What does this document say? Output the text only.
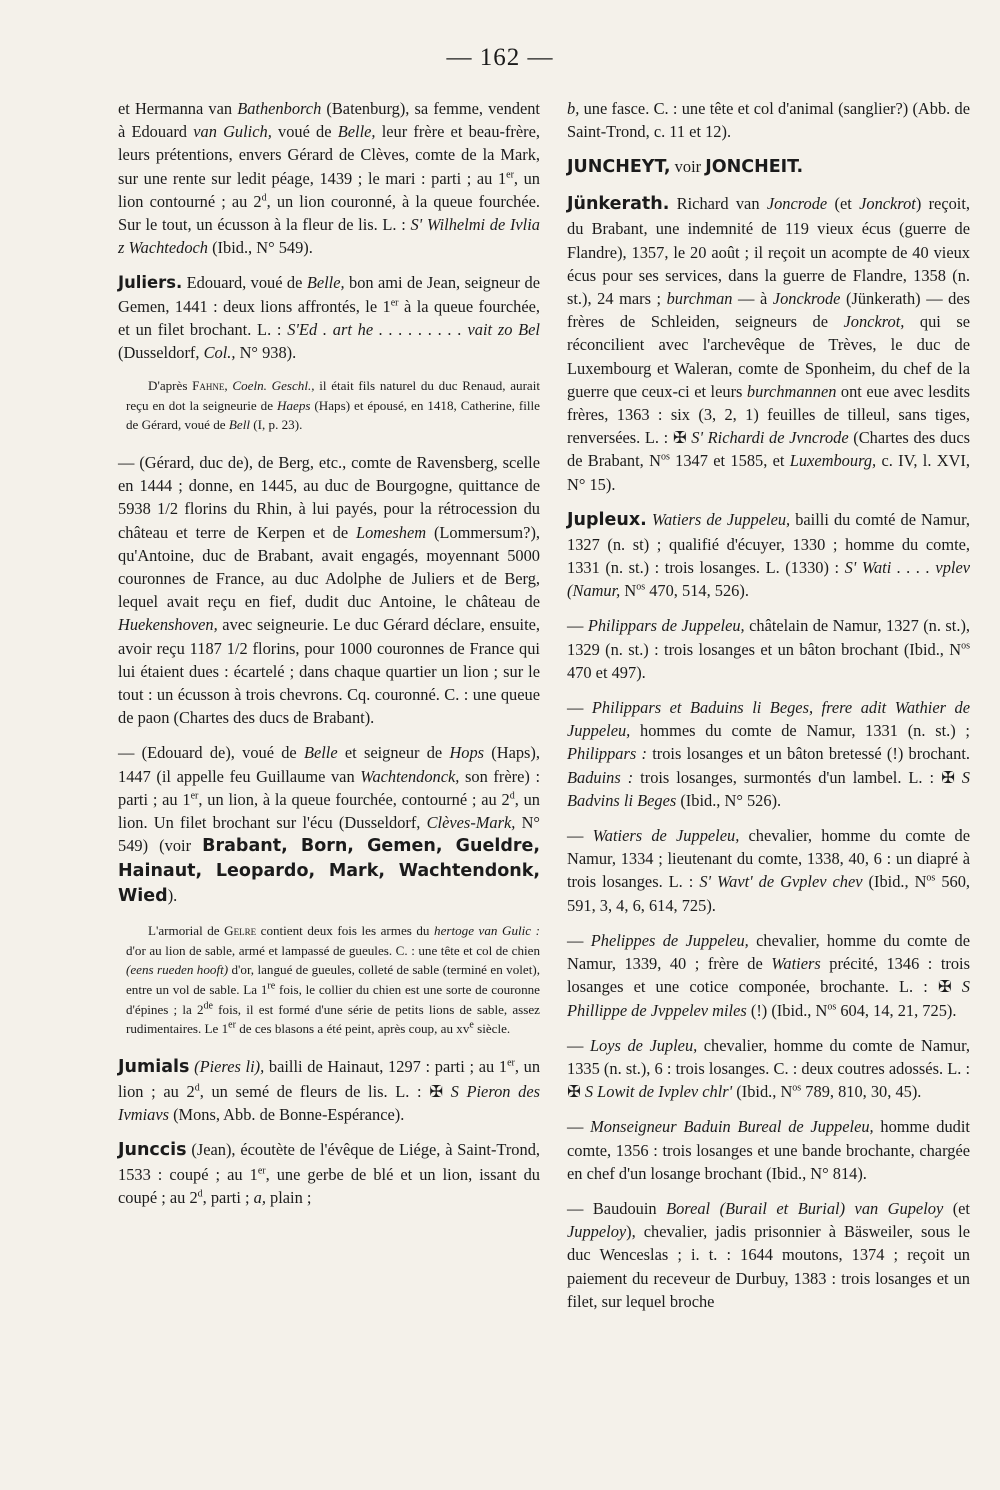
— 162 —

et Hermanna van Bathenborch (Batenburg), sa femme, vendent à Edouard van Gulich, voué de Belle, leur frère et beau-frère, leurs prétentions, envers Gérard de Clèves, comte de la Mark, sur une rente sur ledit péage, 1439 ; le mari : parti ; au 1er, un lion contourné ; au 2$^d$, un lion couronné, à la queue fourchée. Sur le tout, un écusson à la fleur de lis. L. : S' Wilhelmi de Ivlia z Wachtedoch (Ibid., N° 549).

Juliers. Edouard, voué de Belle, bon ami de Jean, seigneur de Gemen, 1441 : deux lions affrontés, le 1er à la queue fourchée, et un filet brochant. L. : S'Ed . art he . . . . . . . . . vait zo Bel (Dusseldorf, Col., N° 938).

D'après Fahne, Coeln. Geschl., il était fils naturel du duc Renaud, aurait reçu en dot la seigneurie de Haeps (Haps) et épousé, en 1418, Catherine, fille de Gérard, voué de Bell (I, p. 23).

— (Gérard, duc de), de Berg, etc., comte de Ravensberg, scelle en 1444 ; donne, en 1445, au duc de Bourgogne, quittance de 5938 1/2 florins du Rhin, à lui payés, pour la rétrocession du château et terre de Kerpen et de Lomeshem (Lommersum?), qu'Antoine, duc de Brabant, avait engagés, moyennant 5000 couronnes de France, au duc Adolphe de Juliers et de Berg, lequel avait reçu en fief, dudit duc Antoine, le château de Huekenshoven, avec seigneurie. Le duc Gérard déclare, ensuite, avoir reçu 1187 1/2 florins, pour 1000 couronnes de France qui lui étaient dues : écartelé ; dans chaque quartier un lion ; sur le tout : un écusson à trois chevrons. Cq. couronné. C. : une queue de paon (Chartes des ducs de Brabant).

— (Edouard de), voué de Belle et seigneur de Hops (Haps), 1447 (il appelle feu Guillaume van Wachtendonck, son frère) : parti ; au 1er, un lion, à la queue fourchée, contourné ; au 2$^d$, un lion. Un filet brochant sur l'écu (Dusseldorf, Clèves-Mark, N° 549) (voir Brabant, Born, Gemen, Gueldre, Hainaut, Leopardo, Mark, Wachtendonk, Wied).

L'armorial de Gelre contient deux fois les armes du hertoge van Gulic : d'or au lion de sable, armé et lampassé de gueules. C. : une tête et col de chien (eens rueden hooft) d'or, langué de gueules, colleté de sable (terminé en volet), entre un vol de sable. La 1re fois, le collier du chien est une sorte de couronne d'épines ; la 2de fois, il est formé d'une série de petits lions de sable, assez rudimentaires. Le 1er de ces blasons a été peint, après coup, au $xv^e$ siècle.

Jumials (Pieres li), bailli de Hainaut, 1297 : parti ; au 1er, un lion ; au 2$^d$, un semé de fleurs de lis. L. : ✠ S Pieron des Ivmiavs (Mons, Abb. de Bonne-Espérance).

Junccis (Jean), écoutète de l'évêque de Liége, à Saint-Trond, 1533 : coupé ; au 1er, une gerbe de blé et un lion, issant du coupé ; au 2$^d$, parti ; a, plain ;

b, une fasce. C. : une tête et col d'animal (sanglier?) (Abb. de Saint-Trond, c. 11 et 12).

JUNCHEYT, voir JONCHEIT.

Jünkerath. Richard van Joncrode (et Jonckrot) reçoit, du Brabant, une indemnité de 119 vieux écus (guerre de Flandre), 1357, le 20 août ; il reçoit un acompte de 40 vieux écus pour ses services, dans la guerre de Flandre, 1358 (n. st.), 24 mars ; burchman — à Jonckrode (Jünkerath) — des frères de Schleiden, seigneurs de Jonckrot, qui se réconcilient avec l'archevêque de Trèves, le duc de Luxembourg et Waleran, comte de Sponheim, du chef de la guerre que ceux-ci et leurs burchmannen ont eue avec lesdits frères, 1363 : six (3, 2, 1) feuilles de tilleul, sans tiges, renversées. L. : ✠ S' Richardi de Jvncrode (Chartes des ducs de Brabant, $N^{os}$ 1347 et 1585, et Luxembourg, c. IV, l. XVI, N° 15).

Jupleux. Watiers de Juppeleu, bailli du comté de Namur, 1327 (n. st) ; qualifié d'écuyer, 1330 ; homme du comte, 1331 (n. st.) : trois losanges. L. (1330) : S' Wati . . . . vplev (Namur, $N^{os}$ 470, 514, 526).

— Philippars de Juppeleu, châtelain de Namur, 1327 (n. st.), 1329 (n. st.) : trois losanges et un bâton brochant (Ibid., $N^{os}$ 470 et 497).

— Philippars et Baduins li Beges, frere adit Wathier de Juppeleu, hommes du comte de Namur, 1331 (n. st.) ; Philippars : trois losanges et un bâton bretessé (!) brochant. Baduins : trois losanges, surmontés d'un lambel. L. : ✠ S Badvins li Beges (Ibid., N° 526).

— Watiers de Juppeleu, chevalier, homme du comte de Namur, 1334 ; lieutenant du comte, 1338, 40, 6 : un diapré à trois losanges. L. : S' Wavt' de Gvplev chev (Ibid., $N^{os}$ 560, 591, 3, 4, 6, 614, 725).

— Phelippes de Juppeleu, chevalier, homme du comte de Namur, 1339, 40 ; frère de Watiers précité, 1346 : trois losanges et une cotice componée, brochante. L. : ✠ S Phillippe de Jvppelev miles (!) (Ibid., $N^{os}$ 604, 14, 21, 725).

— Loys de Jupleu, chevalier, homme du comte de Namur, 1335 (n. st.), 6 : trois losanges. C. : deux coutres adossés. L. : ✠ S Lowit de Ivplev chlr' (Ibid., $N^{os}$ 789, 810, 30, 45).

— Monseigneur Baduin Bureal de Juppeleu, homme dudit comte, 1356 : trois losanges et une bande brochante, chargée en chef d'un losange brochant (Ibid., N° 814).

— Baudouin Boreal (Burail et Burial) van Gupeloy (et Juppeloy), chevalier, jadis prisonnier à Bäsweiler, sous le duc Wenceslas ; i. t. : 1644 moutons, 1374 ; reçoit un paiement du receveur de Durbuy, 1383 : trois losanges et un filet, sur lequel broche
